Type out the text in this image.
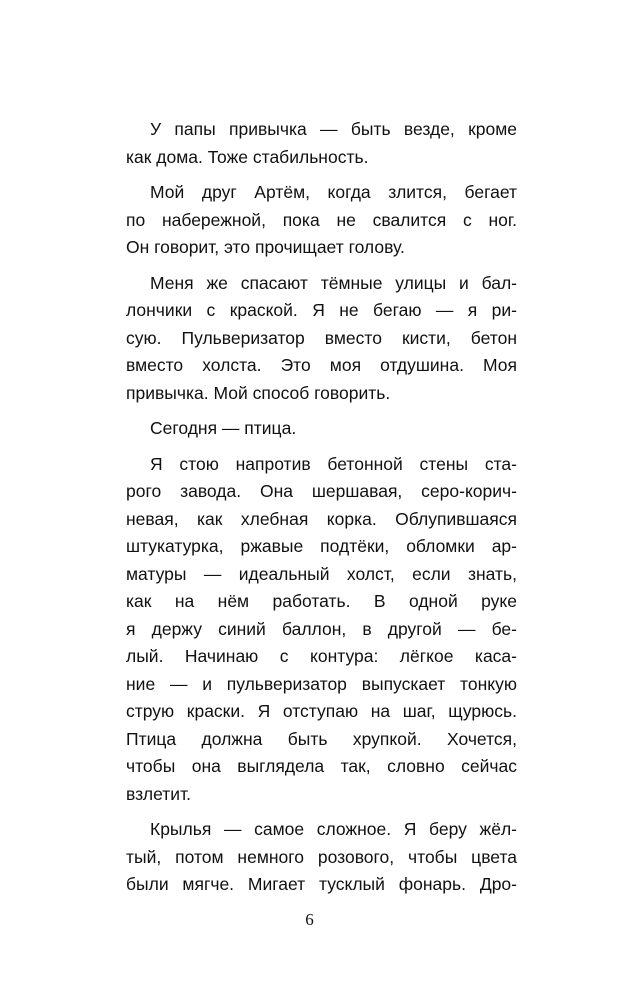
У папы привычка — быть везде, кроме
как дома. Тоже стабильность.
Мой друг Артём, когда злится, бегает
по набережной, пока не свалится с ног.
Он говорит, это прочищает голову.
Меня же спасают тёмные улицы и бал-
лончики с краской. Я не бегаю — я ри-
сую. Пульверизатор вместо кисти, бетон
вместо холста. Это моя отдушина. Моя
привычка. Мой способ говорить.
Сегодня — птица.
Я стою напротив бетонной стены ста-
рого завода. Она шершавая, серо-корич-
невая, как хлебная корка. Облупившаяся
штукатурка, ржавые подтёки, обломки ар-
матуры — идеальный холст, если знать,
как на нём работать. В одной руке
я держу синий баллон, в другой — бе-
лый. Начинаю с контура: лёгкое каса-
ние — и пульверизатор выпускает тонкую
струю краски. Я отступаю на шаг, щурюсь.
Птица должна быть хрупкой. Хочется,
чтобы она выглядела так, словно сейчас
взлетит.
Крылья — самое сложное. Я беру жёл-
тый, потом немного розового, чтобы цвета
были мягче. Мигает тусклый фонарь. Дро-
6
